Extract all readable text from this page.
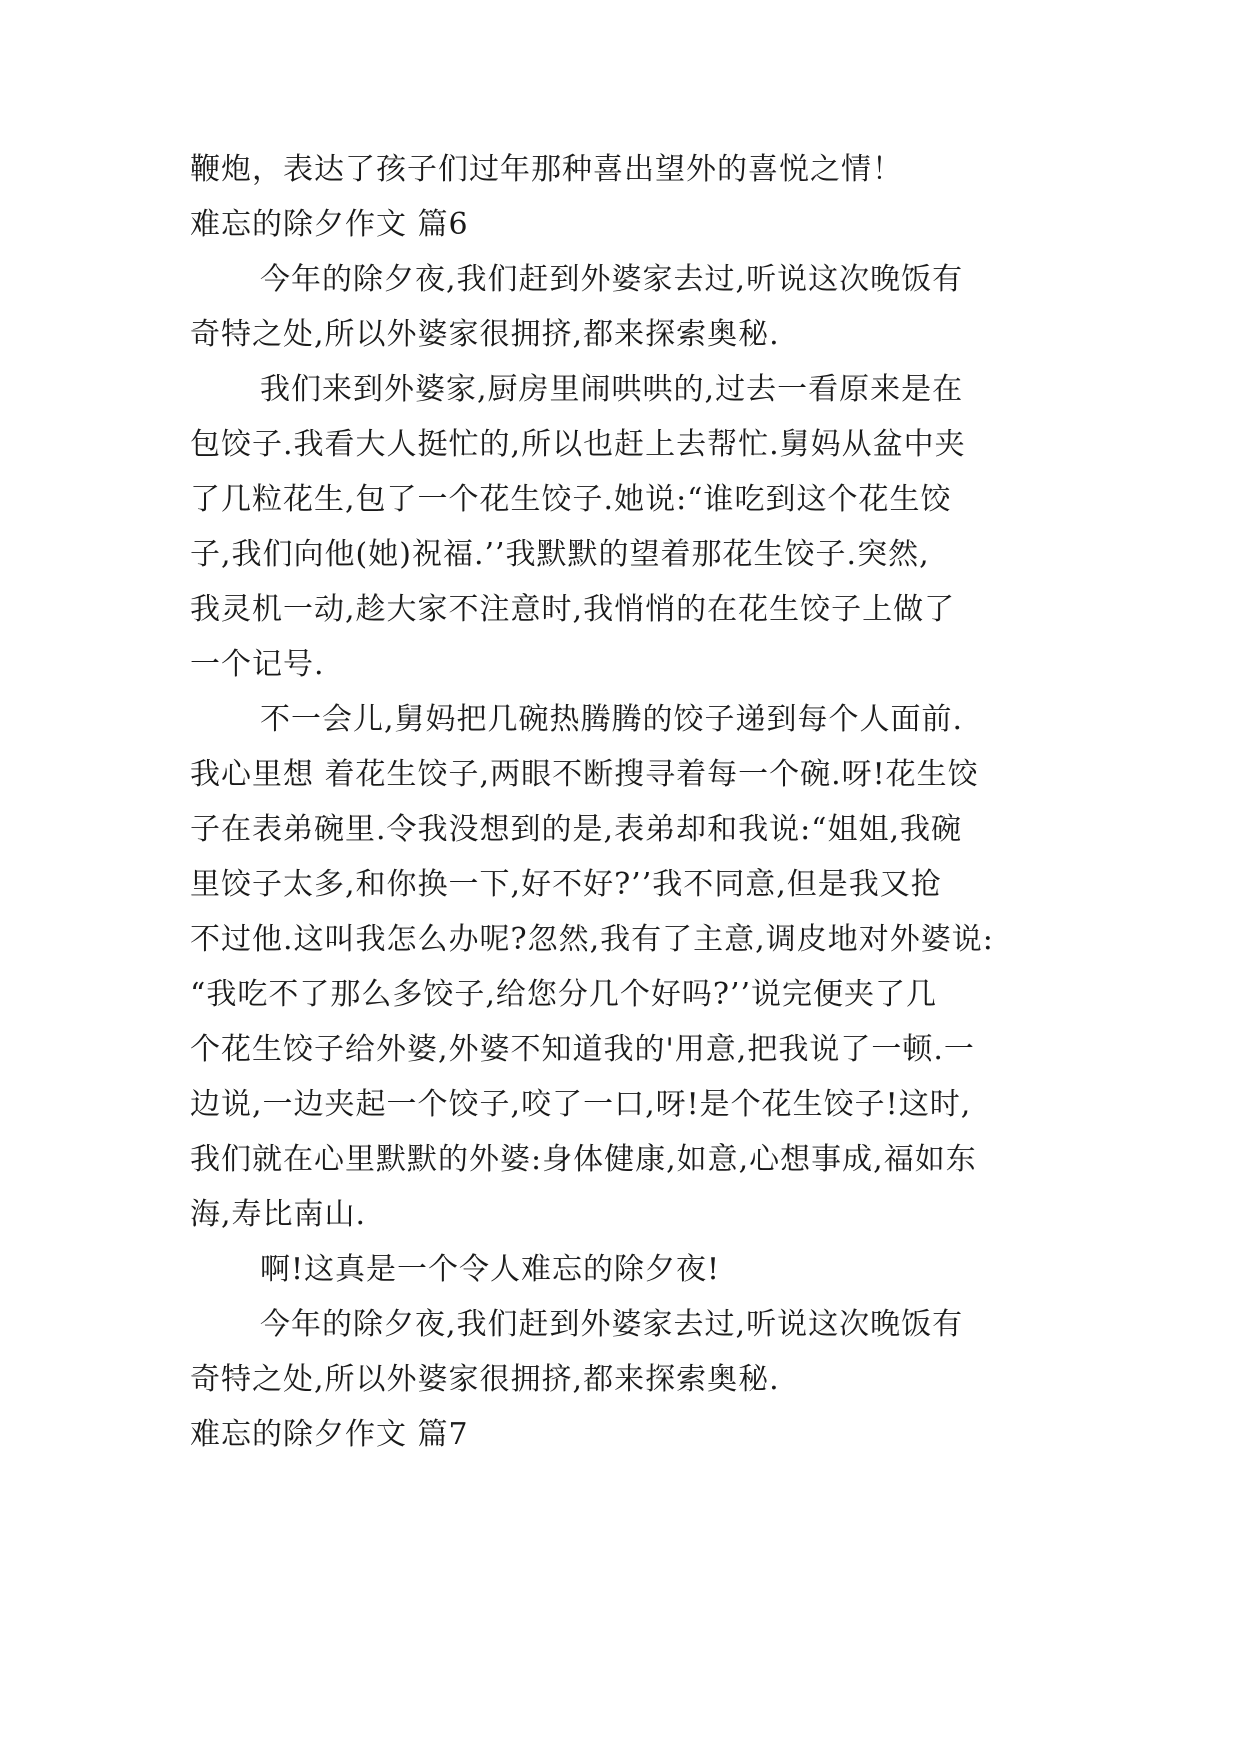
鞭炮，表达了孩子们过年那种喜出望外的喜悦之情！
难忘的除夕作文 篇6
今年的除夕夜,我们赶到外婆家去过,听说这次晚饭有
奇特之处,所以外婆家很拥挤,都来探索奥秘.
我们来到外婆家,厨房里闹哄哄的,过去一看原来是在
包饺子.我看大人挺忙的,所以也赶上去帮忙.舅妈从盆中夹
了几粒花生,包了一个花生饺子.她说:“谁吃到这个花生饺
子,我们向他(她)祝福.’’我默默的望着那花生饺子.突然,
我灵机一动,趁大家不注意时,我悄悄的在花生饺子上做了
一个记号.
不一会儿,舅妈把几碗热腾腾的饺子递到每个人面前.
我心里想 着花生饺子,两眼不断搜寻着每一个碗.呀!花生饺
子在表弟碗里.令我没想到的是,表弟却和我说:“姐姐,我碗
里饺子太多,和你换一下,好不好?’’我不同意,但是我又抢
不过他.这叫我怎么办呢?忽然,我有了主意,调皮地对外婆说:
“我吃不了那么多饺子,给您分几个好吗?’’说完便夹了几
个花生饺子给外婆,外婆不知道我的'用意,把我说了一顿.一
边说,一边夹起一个饺子,咬了一口,呀!是个花生饺子!这时,
我们就在心里默默的外婆:身体健康,如意,心想事成,福如东
海,寿比南山.
啊!这真是一个令人难忘的除夕夜!
今年的除夕夜,我们赶到外婆家去过,听说这次晚饭有
奇特之处,所以外婆家很拥挤,都来探索奥秘.
难忘的除夕作文 篇7
